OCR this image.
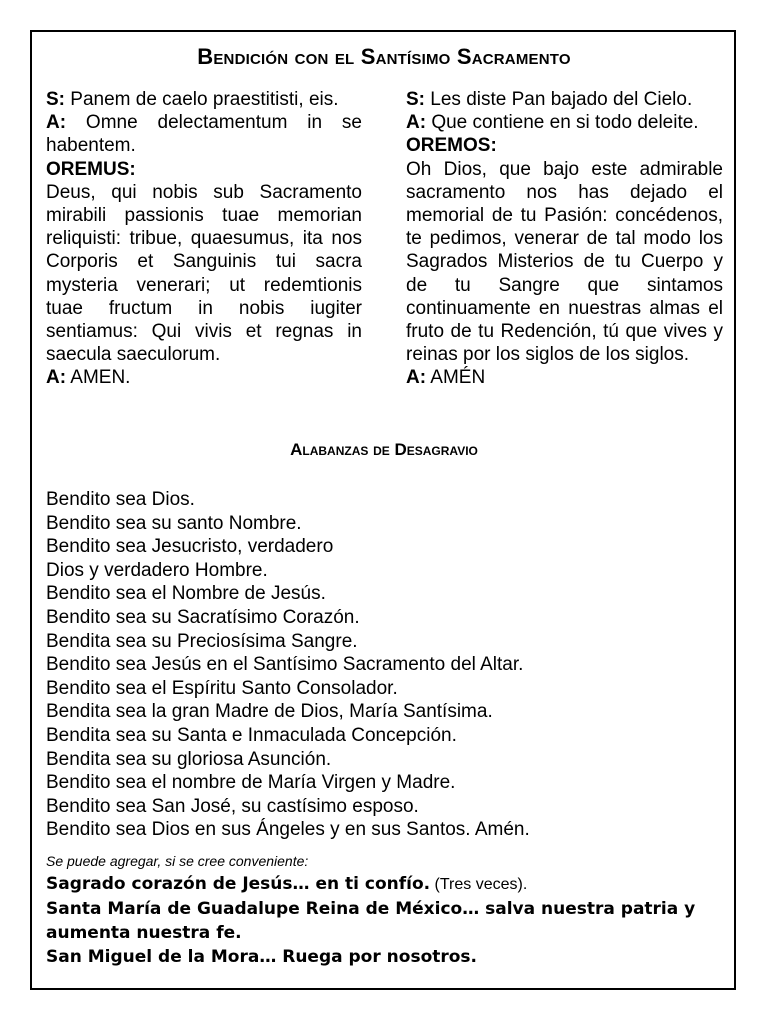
Bendición con el Santísimo Sacramento

S: Panem de caelo praestitisti, eis.

A: Omne delectamentum in se habentem.

OREMUS:

Deus, qui nobis sub Sacramento mirabili passionis tuae memorian reliquisti: tribue, quaesumus, ita nos Corporis et Sanguinis tui sacra mysteria venerari; ut redemtionis tuae fructum in nobis iugiter sentiamus: Qui vivis et regnas in saecula saeculorum.

A: AMEN.

S: Les diste Pan bajado del Cielo.

A: Que contiene en si todo deleite.

OREMOS:

Oh Dios, que bajo este admirable sacramento nos has dejado el memorial de tu Pasión: concédenos, te pedimos, venerar de tal modo los Sagrados Misterios de tu Cuerpo y de tu Sangre que sintamos continuamente en nuestras almas el fruto de tu Redención, tú que vives y reinas por los siglos de los siglos.

A: AMÉN

Alabanzas de Desagravio
Bendito sea Dios.
Bendito sea su santo Nombre.
Bendito sea Jesucristo, verdadero
Dios y verdadero Hombre.
Bendito sea el Nombre de Jesús.
Bendito sea su Sacratísimo Corazón.
Bendita sea su Preciosísima Sangre.
Bendito sea Jesús en el Santísimo Sacramento del Altar.
Bendito sea el Espíritu Santo Consolador.
Bendita sea la gran Madre de Dios, María Santísima.
Bendita sea su Santa e Inmaculada Concepción.
Bendita sea su gloriosa Asunción.
Bendito sea el nombre de María Virgen y Madre.
Bendito sea San José, su castísimo esposo.
Bendito sea Dios en sus Ángeles y en sus Santos. Amén.
Se puede agregar, si se cree conveniente:

Sagrado corazón de Jesús… en ti confío. (Tres veces).

Santa María de Guadalupe Reina de México… salva nuestra patria y aumenta nuestra fe.

San Miguel de la Mora… Ruega por nosotros.
